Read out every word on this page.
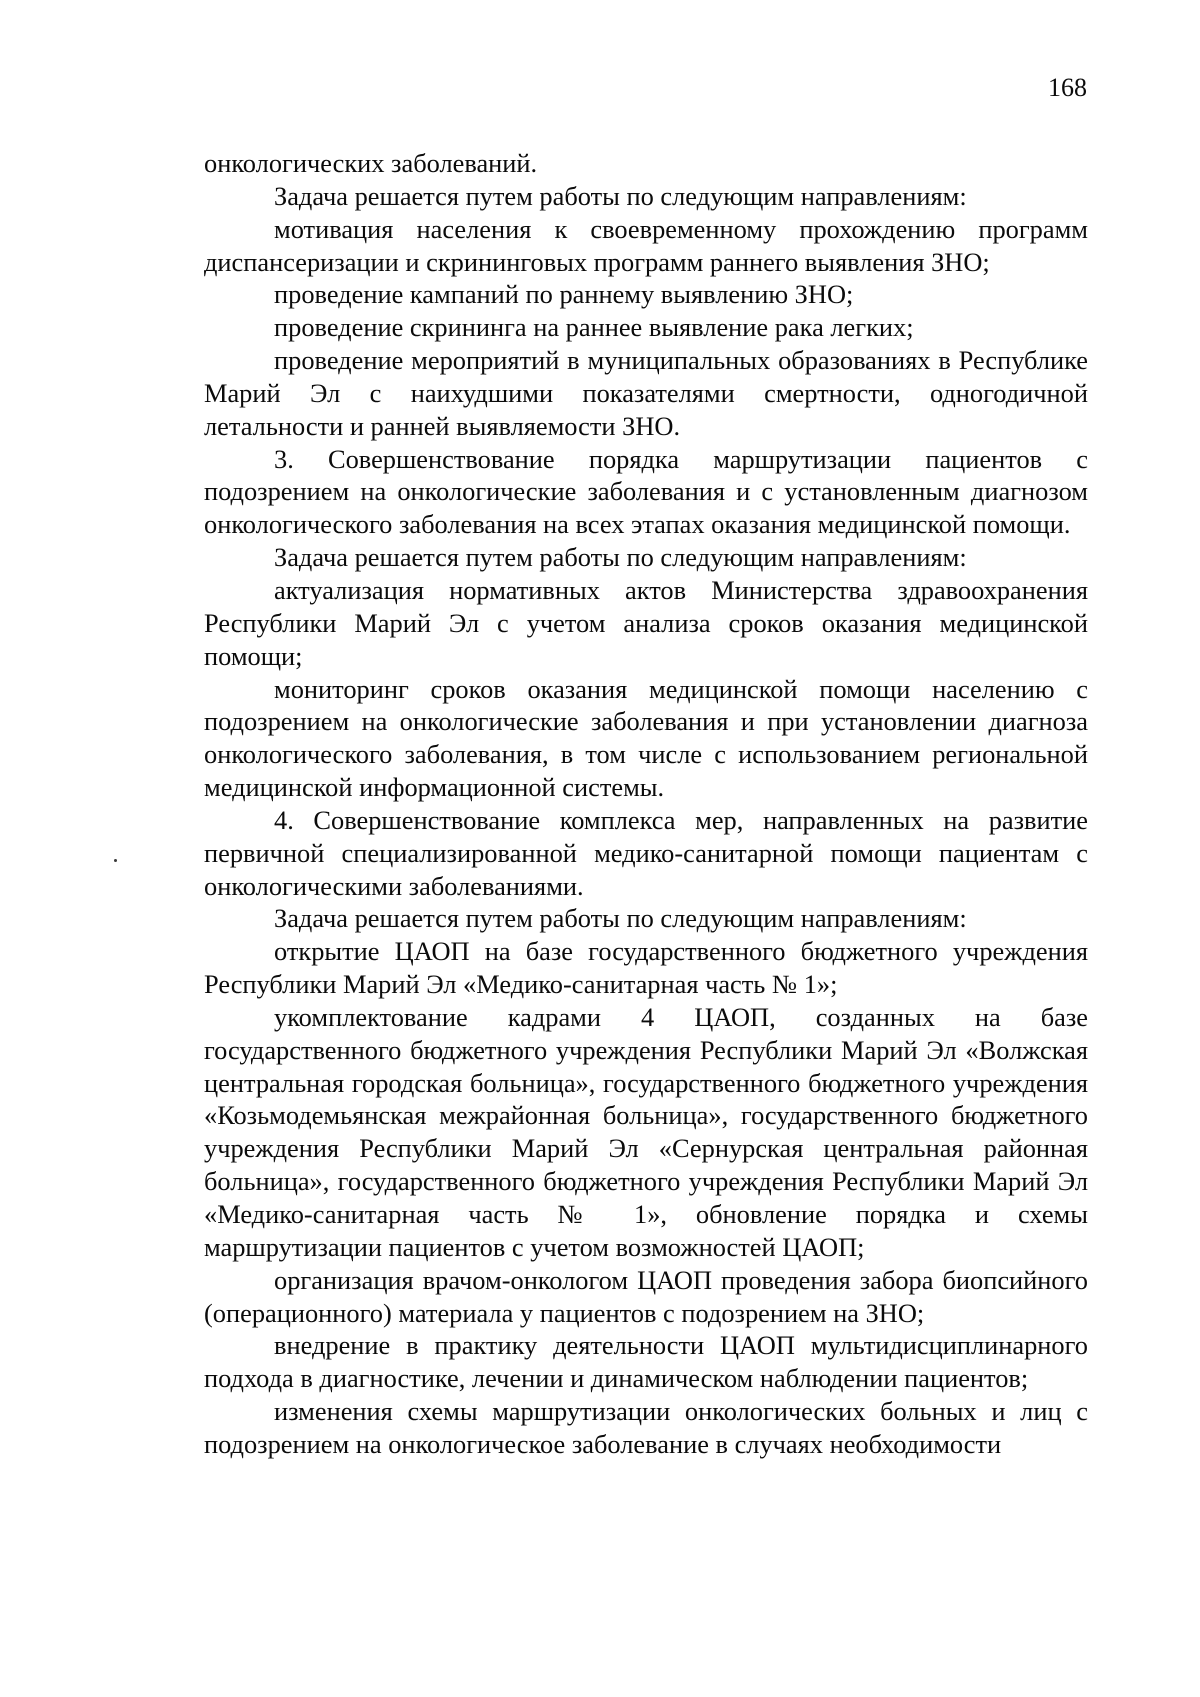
168

онкологических заболеваний.

Задача решается путем работы по следующим направлениям:

мотивация населения к своевременному прохождению программ диспансеризации и скрининговых программ раннего выявления ЗНО;

проведение кампаний по раннему выявлению ЗНО;

проведение скрининга на раннее выявление рака легких;

проведение мероприятий в муниципальных образованиях в Республике Марий Эл с наихудшими показателями смертности, одногодичной летальности и ранней выявляемости ЗНО.

3. Совершенствование порядка маршрутизации пациентов с подозрением на онкологические заболевания и с установленным диагнозом онкологического заболевания на всех этапах оказания медицинской помощи.

Задача решается путем работы по следующим направлениям:

актуализация нормативных актов Министерства здравоохранения Республики Марий Эл с учетом анализа сроков оказания медицинской помощи;

мониторинг сроков оказания медицинской помощи населению с подозрением на онкологические заболевания и при установлении диагноза онкологического заболевания, в том числе с использованием региональной медицинской информационной системы.

4. Совершенствование комплекса мер, направленных на развитие первичной специализированной медико-санитарной помощи пациентам с онкологическими заболеваниями.

Задача решается путем работы по следующим направлениям:

открытие ЦАОП на базе государственного бюджетного учреждения Республики Марий Эл «Медико-санитарная часть № 1»;

укомплектование кадрами 4 ЦАОП, созданных на базе государственного бюджетного учреждения Республики Марий Эл «Волжская центральная городская больница», государственного бюджетного учреждения «Козьмодемьянская межрайонная больница», государственного бюджетного учреждения Республики Марий Эл «Сернурская центральная районная больница», государственного бюджетного учреждения Республики Марий Эл «Медико-санитарная часть № 1», обновление порядка и схемы маршрутизации пациентов с учетом возможностей ЦАОП;

организация врачом-онкологом ЦАОП проведения забора биопсийного (операционного) материала у пациентов с подозрением на ЗНО;

внедрение в практику деятельности ЦАОП мультидисциплинарного подхода в диагностике, лечении и динамическом наблюдении пациентов;

изменения схемы маршрутизации онкологических больных и лиц с подозрением на онкологическое заболевание в случаях необходимости
